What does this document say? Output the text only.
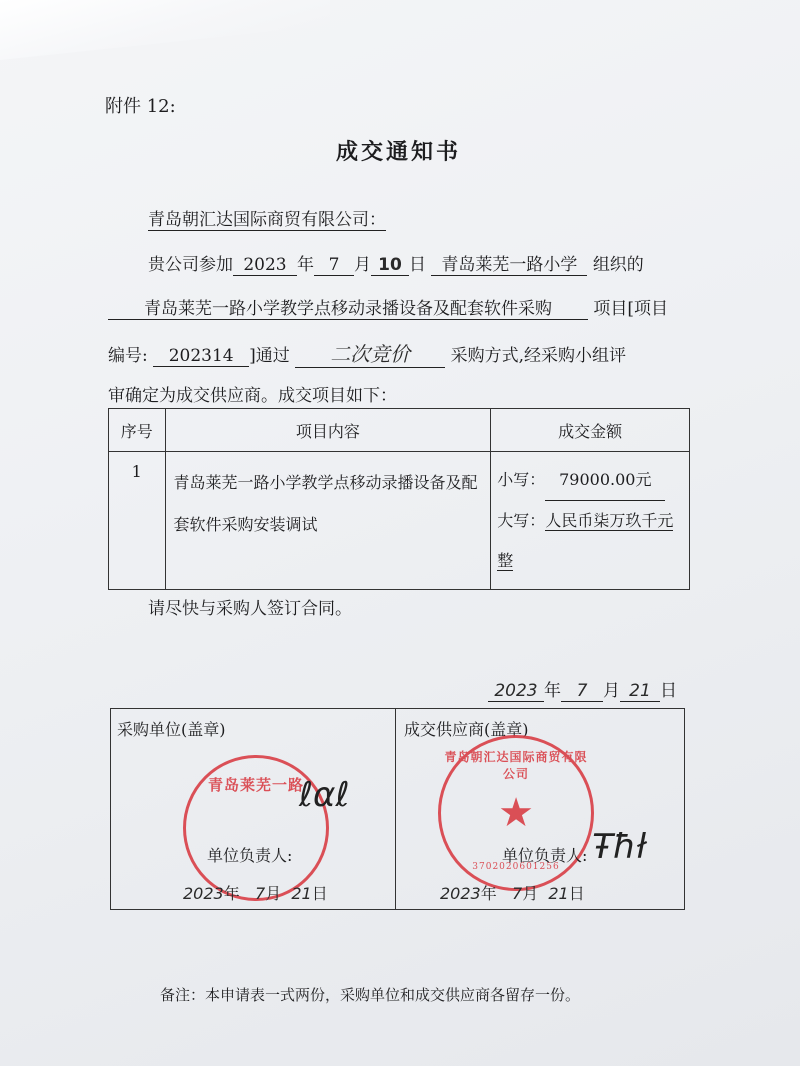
附件 12:
成交通知书
青岛朝汇达国际商贸有限公司：
贵公司参加 2023 年 7 月 10 日 青岛莱芜一路小学 组织的
青岛莱芜一路小学教学点移动录播设备及配套软件采购 项目[项目
编号: 202314 ]通过 二次竞价 采购方式,经采购小组评
审确定为成交供应商。成交项目如下：
序号	项目内容	成交金额
1	青岛莱芜一路小学教学点移动录播设备及配套软件采购安装调试	小写： 79000.00元
大写：人民币柒万玖千元整
请尽快与采购人签订合同。
2023 年 7 月 21 日
采购单位(盖章)
青岛莱芜一路
ℓαℓ
单位负责人:
2023年 7月 21日
成交供应商(盖章)
青岛朝汇达国际商贸有限公司
★
3702020601256
单位负责人: Ŧħł
2023年 7月 21日
备注：本申请表一式两份，采购单位和成交供应商各留存一份。
